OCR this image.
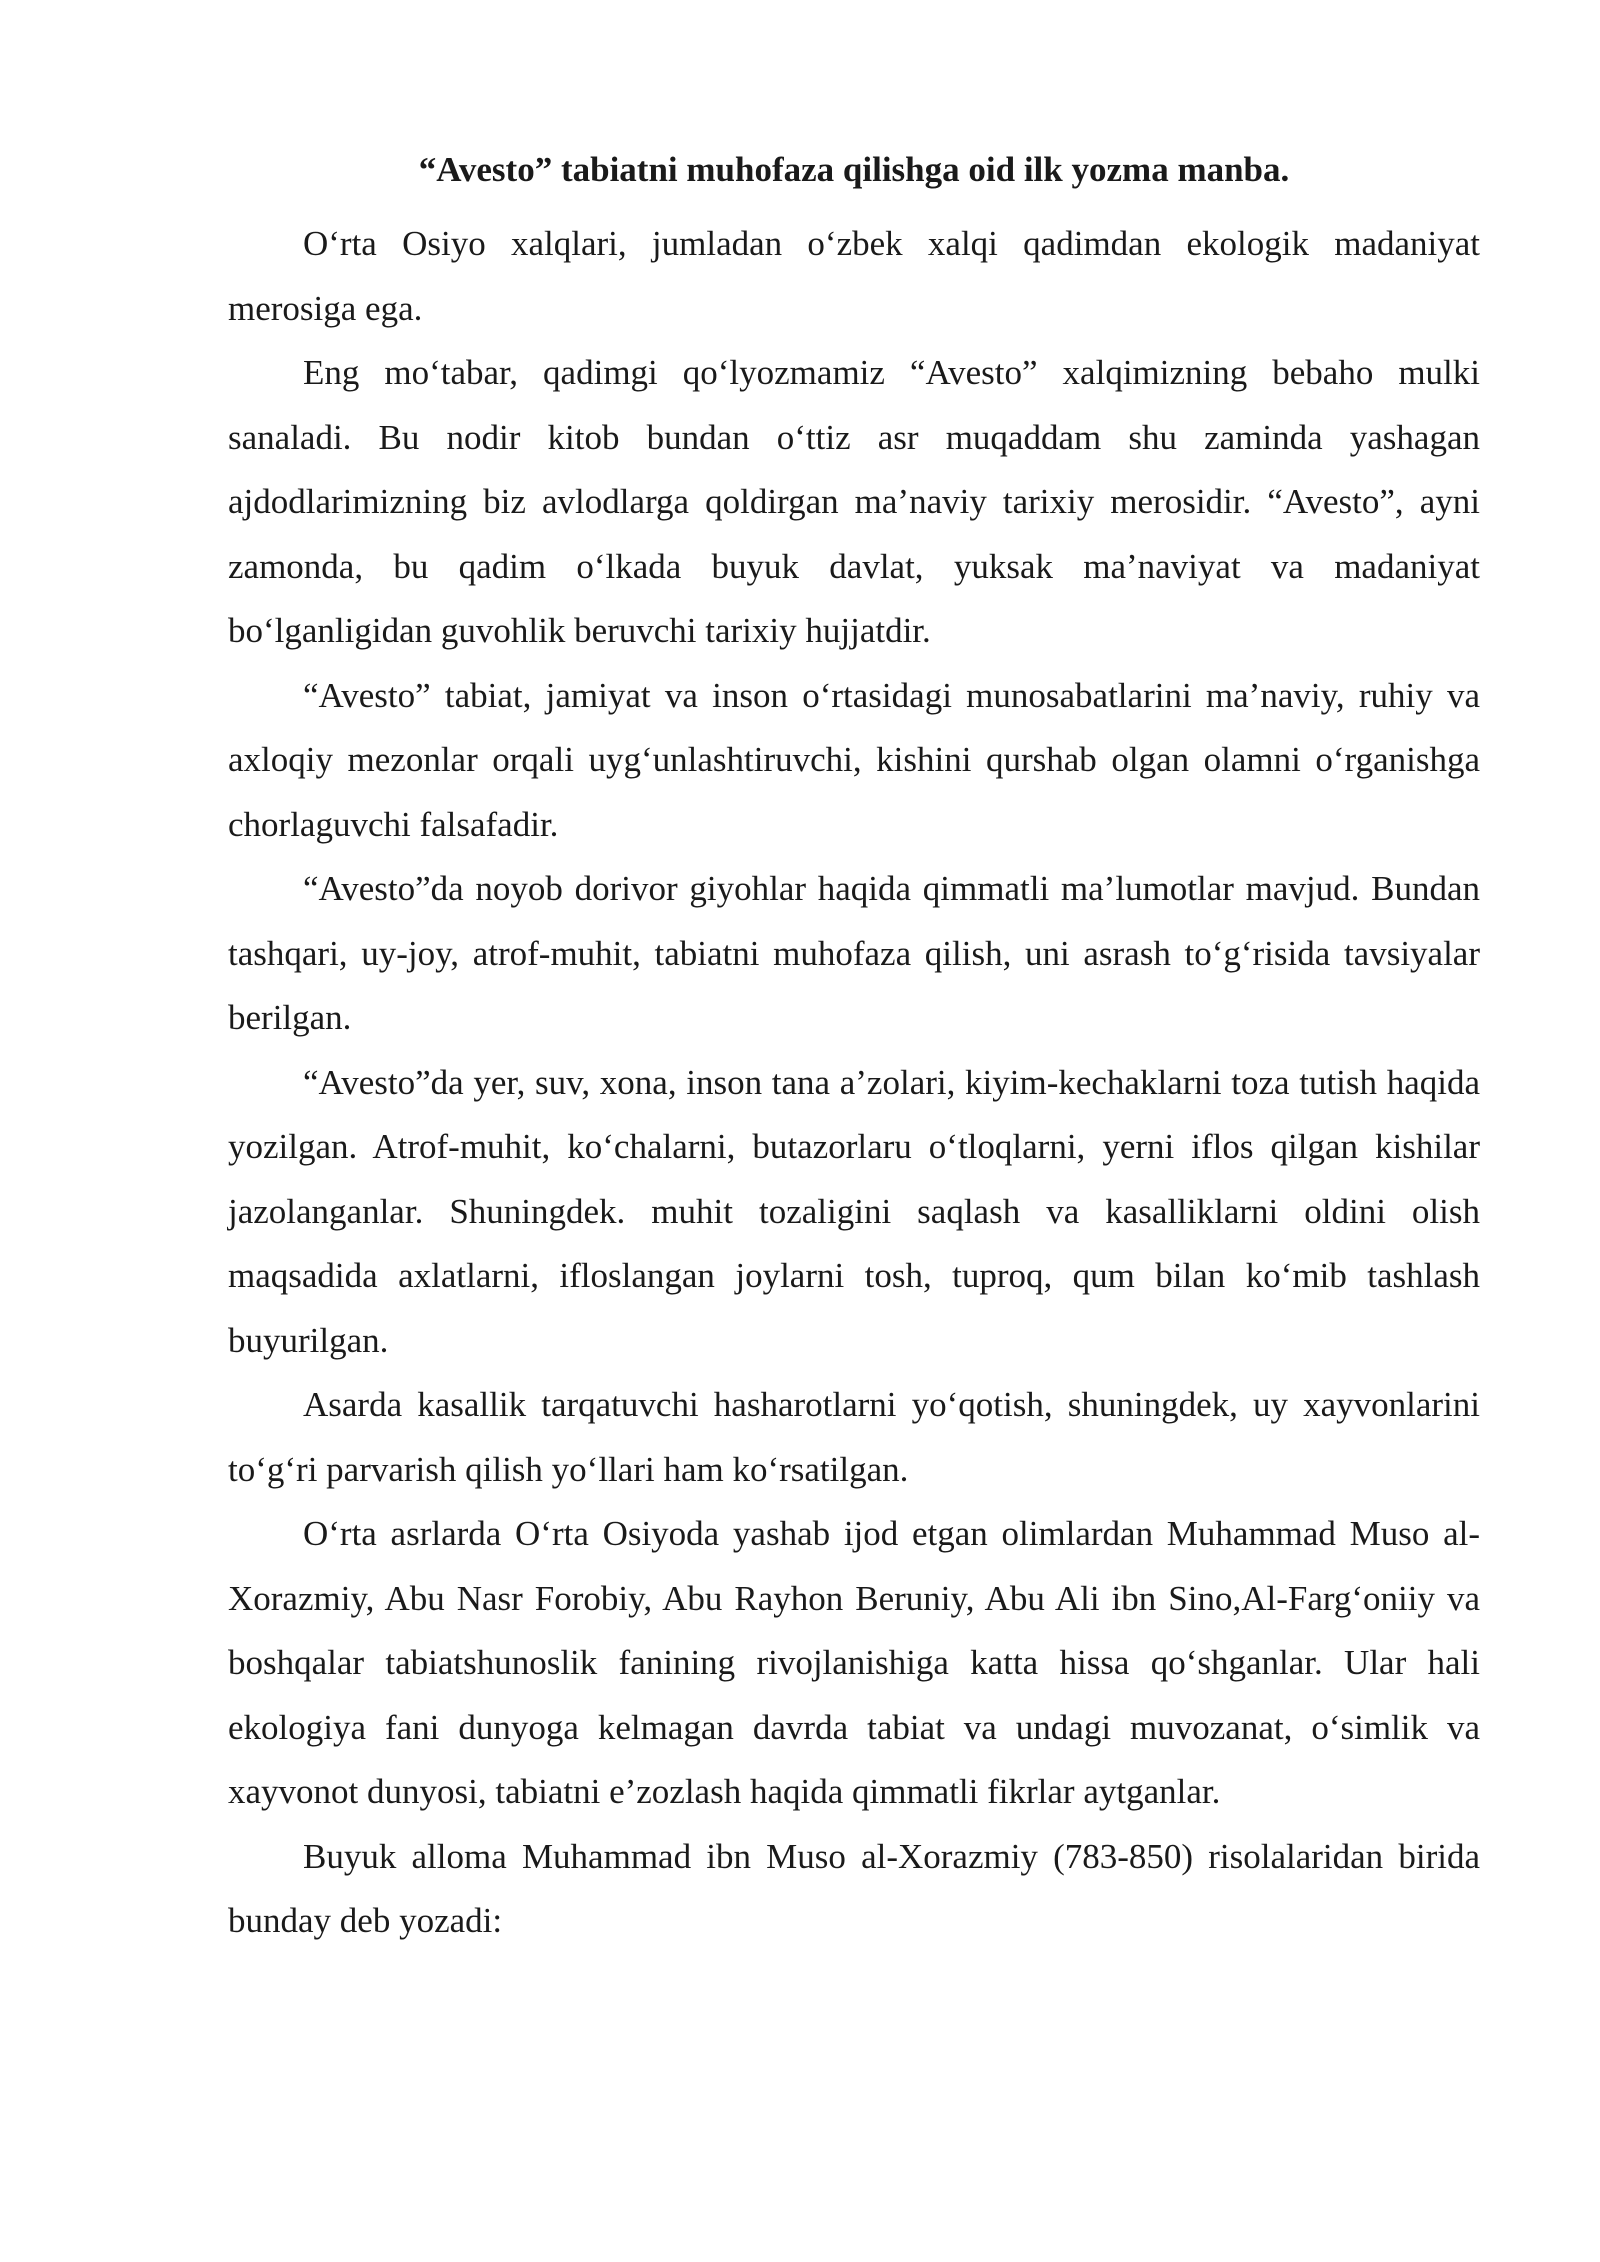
“Avesto” tabiatni muhofaza qilishga oid ilk yozma manba.

O‘rta Osiyo xalqlari, jumladan o‘zbek xalqi qadimdan ekologik madaniyat merosiga ega.

Eng mo‘tabar, qadimgi qo‘lyozmamiz “Avesto” xalqimizning bebaho mulki sanaladi. Bu nodir kitob bundan o‘ttiz asr muqaddam shu zaminda yashagan ajdodlarimizning biz avlodlarga qoldirgan ma’naviy tarixiy merosidir. “Avesto”, ayni zamonda, bu qadim o‘lkada buyuk davlat, yuksak ma’naviyat va madaniyat bo‘lganligidan guvohlik beruvchi tarixiy hujjatdir.

“Avesto” tabiat, jamiyat va inson o‘rtasidagi munosabatlarini ma’naviy, ruhiy va axloqiy mezonlar orqali uyg‘unlashtiruvchi, kishini qurshab olgan olamni o‘rganishga chorlaguvchi falsafadir.

“Avesto”da noyob dorivor giyohlar haqida qimmatli ma’lumotlar mavjud. Bundan tashqari, uy-joy, atrof-muhit, tabiatni muhofaza qilish, uni asrash to‘g‘risida tavsiyalar berilgan.

“Avesto”da yer, suv, xona, inson tana a’zolari, kiyim-kechaklarni toza tutish haqida yozilgan. Atrof-muhit, ko‘chalarni, butazorlaru o‘tloqlarni, yerni iflos qilgan kishilar jazolanganlar. Shuningdek. muhit tozaligini saqlash va kasalliklarni oldini olish maqsadida axlatlarni, ifloslangan joylarni tosh, tuproq, qum bilan ko‘mib tashlash buyurilgan.

Asarda kasallik tarqatuvchi hasharotlarni yo‘qotish, shuningdek, uy xayvonlarini to‘g‘ri parvarish qilish yo‘llari ham ko‘rsatilgan.

O‘rta asrlarda O‘rta Osiyoda yashab ijod etgan olimlardan Muhammad Muso al-Xorazmiy, Abu Nasr Forobiy, Abu Rayhon Beruniy, Abu Ali ibn Sino,Al-Farg‘oniiy va boshqalar tabiatshunoslik fanining rivojlanishiga katta hissa qo‘shganlar. Ular hali ekologiya fani dunyoga kelmagan davrda tabiat va undagi muvozanat, o‘simlik va xayvonot dunyosi, tabiatni e’zozlash haqida qimmatli fikrlar aytganlar.

Buyuk alloma Muhammad ibn Muso al-Xorazmiy (783-850) risolalaridan birida bunday deb yozadi:
